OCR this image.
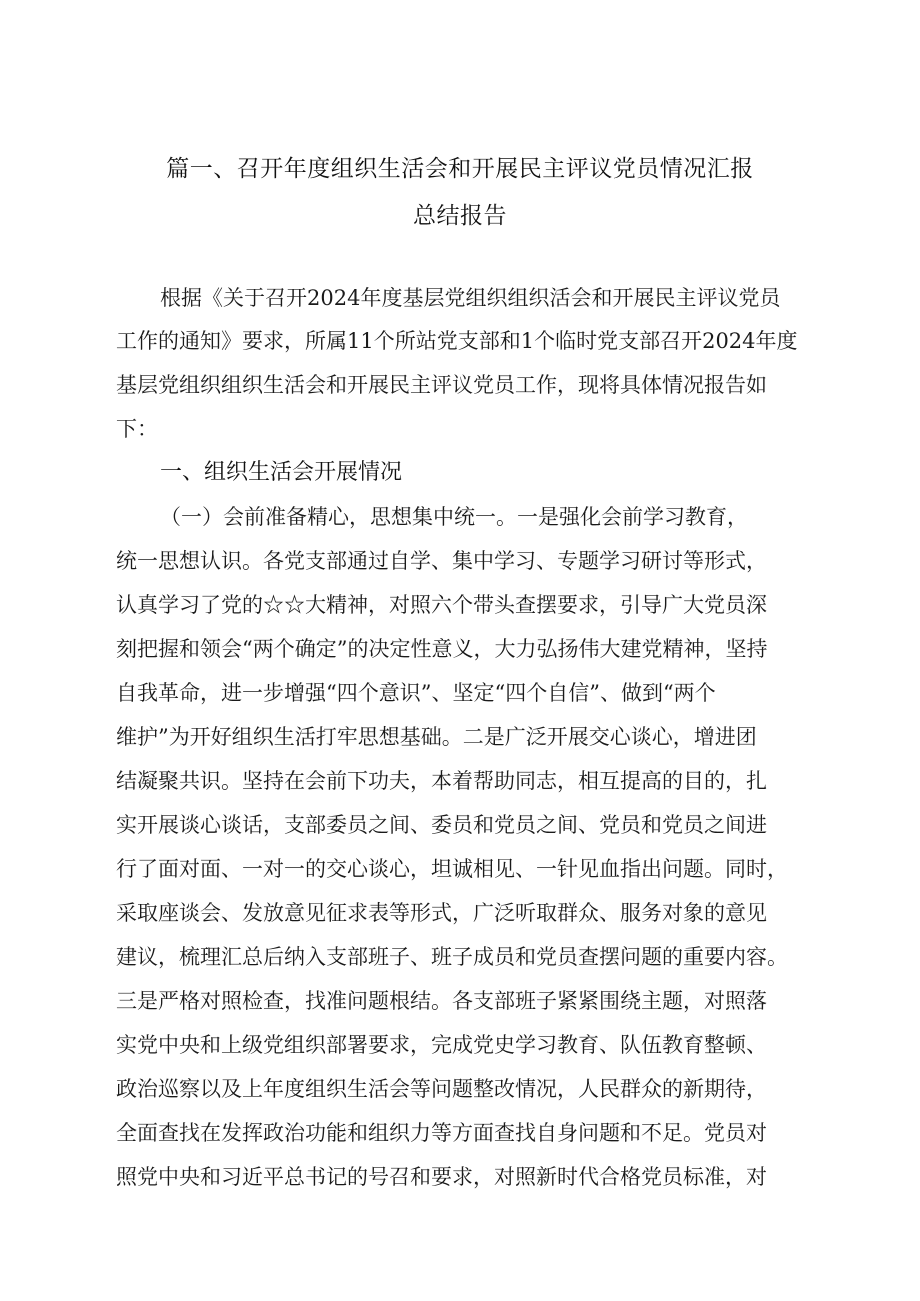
篇一、召开年度组织生活会和开展民主评议党员情况汇报
总结报告
根据《关于召开2024年度基层党组织组织活会和开展民主评议党员
工作的通知》要求，所属11个所站党支部和1个临时党支部召开2024年度
基层党组织组织生活会和开展民主评议党员工作，现将具体情况报告如
下：
一、组织生活会开展情况
（一）会前准备精心，思想集中统一。一是强化会前学习教育，
统一思想认识。各党支部通过自学、集中学习、专题学习研讨等形式，
认真学习了党的☆☆大精神，对照六个带头查摆要求，引导广大党员深
刻把握和领会“两个确定”的决定性意义，大力弘扬伟大建党精神，坚持
自我革命，进一步增强“四个意识”、坚定“四个自信”、做到“两个
维护”为开好组织生活打牢思想基础。二是广泛开展交心谈心，增进团
结凝聚共识。坚持在会前下功夫，本着帮助同志，相互提高的目的，扎
实开展谈心谈话，支部委员之间、委员和党员之间、党员和党员之间进
行了面对面、一对一的交心谈心，坦诚相见、一针见血指出问题。同时，
采取座谈会、发放意见征求表等形式，广泛听取群众、服务对象的意见
建议，梳理汇总后纳入支部班子、班子成员和党员查摆问题的重要内容。
三是严格对照检查，找准问题根结。各支部班子紧紧围绕主题，对照落
实党中央和上级党组织部署要求，完成党史学习教育、队伍教育整顿、
政治巡察以及上年度组织生活会等问题整改情况，人民群众的新期待，
全面查找在发挥政治功能和组织力等方面查找自身问题和不足。党员对
照党中央和习近平总书记的号召和要求，对照新时代合格党员标准，对
